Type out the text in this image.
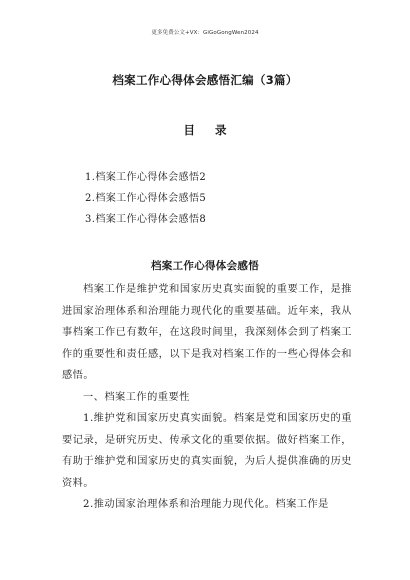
更多免费公文+VX：GiGoGongWen2024
档案工作心得体会感悟汇编（3篇）
目 录
1.档案工作心得体会感悟2
2.档案工作心得体会感悟5
3.档案工作心得体会感悟8
档案工作心得体会感悟

档案工作是维护党和国家历史真实面貌的重要工作，是推进国家治理体系和治理能力现代化的重要基础。近年来，我从事档案工作已有数年，在这段时间里，我深刻体会到了档案工作的重要性和责任感，以下是我对档案工作的一些心得体会和感悟。

一、档案工作的重要性

1.维护党和国家历史真实面貌。档案是党和国家历史的重要记录，是研究历史、传承文化的重要依据。做好档案工作，有助于维护党和国家历史的真实面貌，为后人提供准确的历史资料。

2.推动国家治理体系和治理能力现代化。档案工作是
